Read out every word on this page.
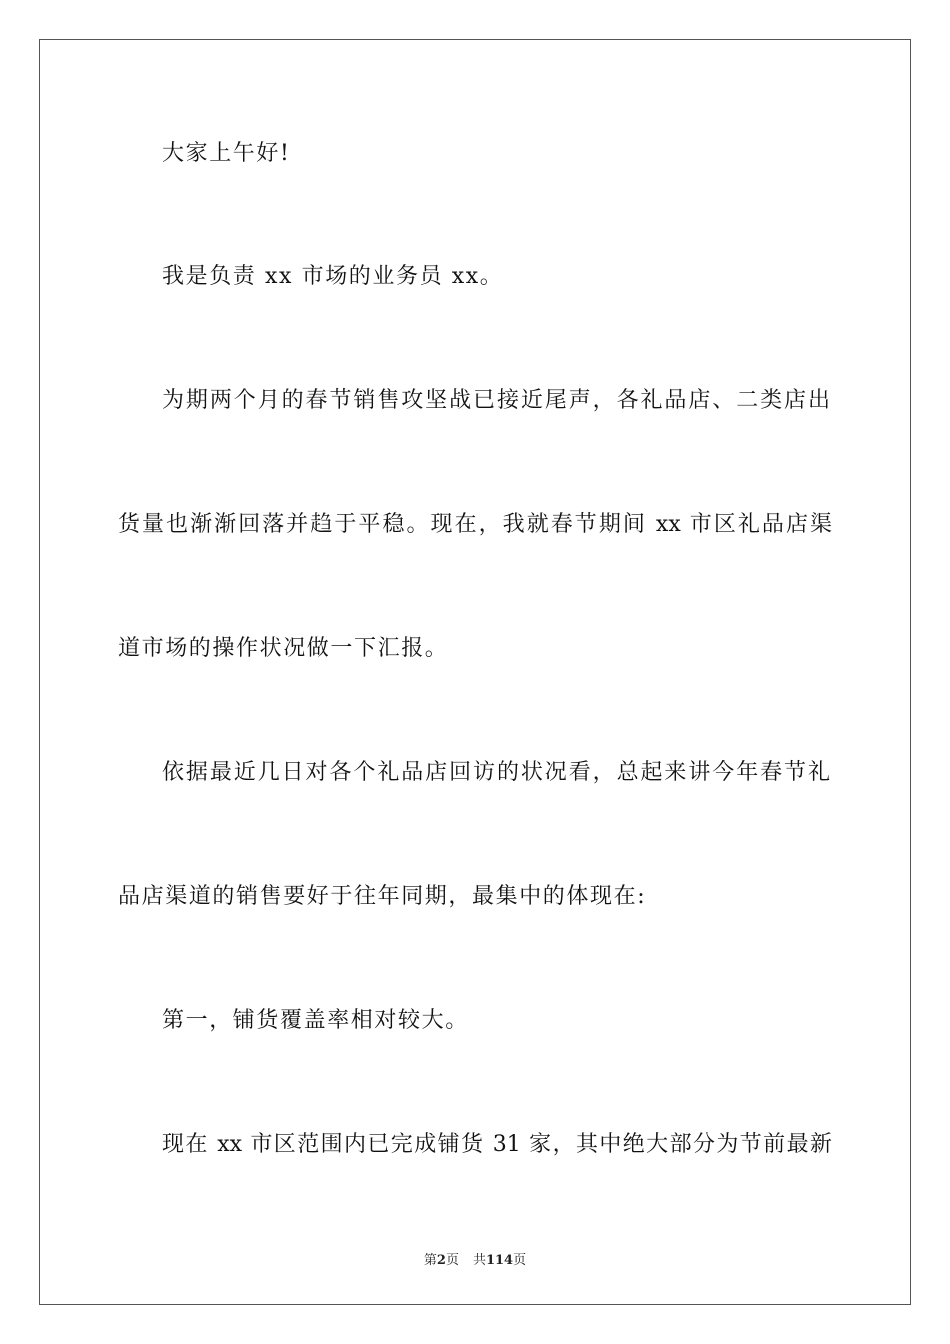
大家上午好!
我是负责 xx 市场的业务员 xx。
为期两个月的春节销售攻坚战已接近尾声，各礼品店、二类店出
货量也渐渐回落并趋于平稳。现在，我就春节期间 xx 市区礼品店渠
道市场的操作状况做一下汇报。
依据最近几日对各个礼品店回访的状况看，总起来讲今年春节礼
品店渠道的销售要好于往年同期，最集中的体现在:
第一，铺货覆盖率相对较大。
现在 xx 市区范围内已完成铺货 31 家，其中绝大部分为节前最新
第2页 共114页
